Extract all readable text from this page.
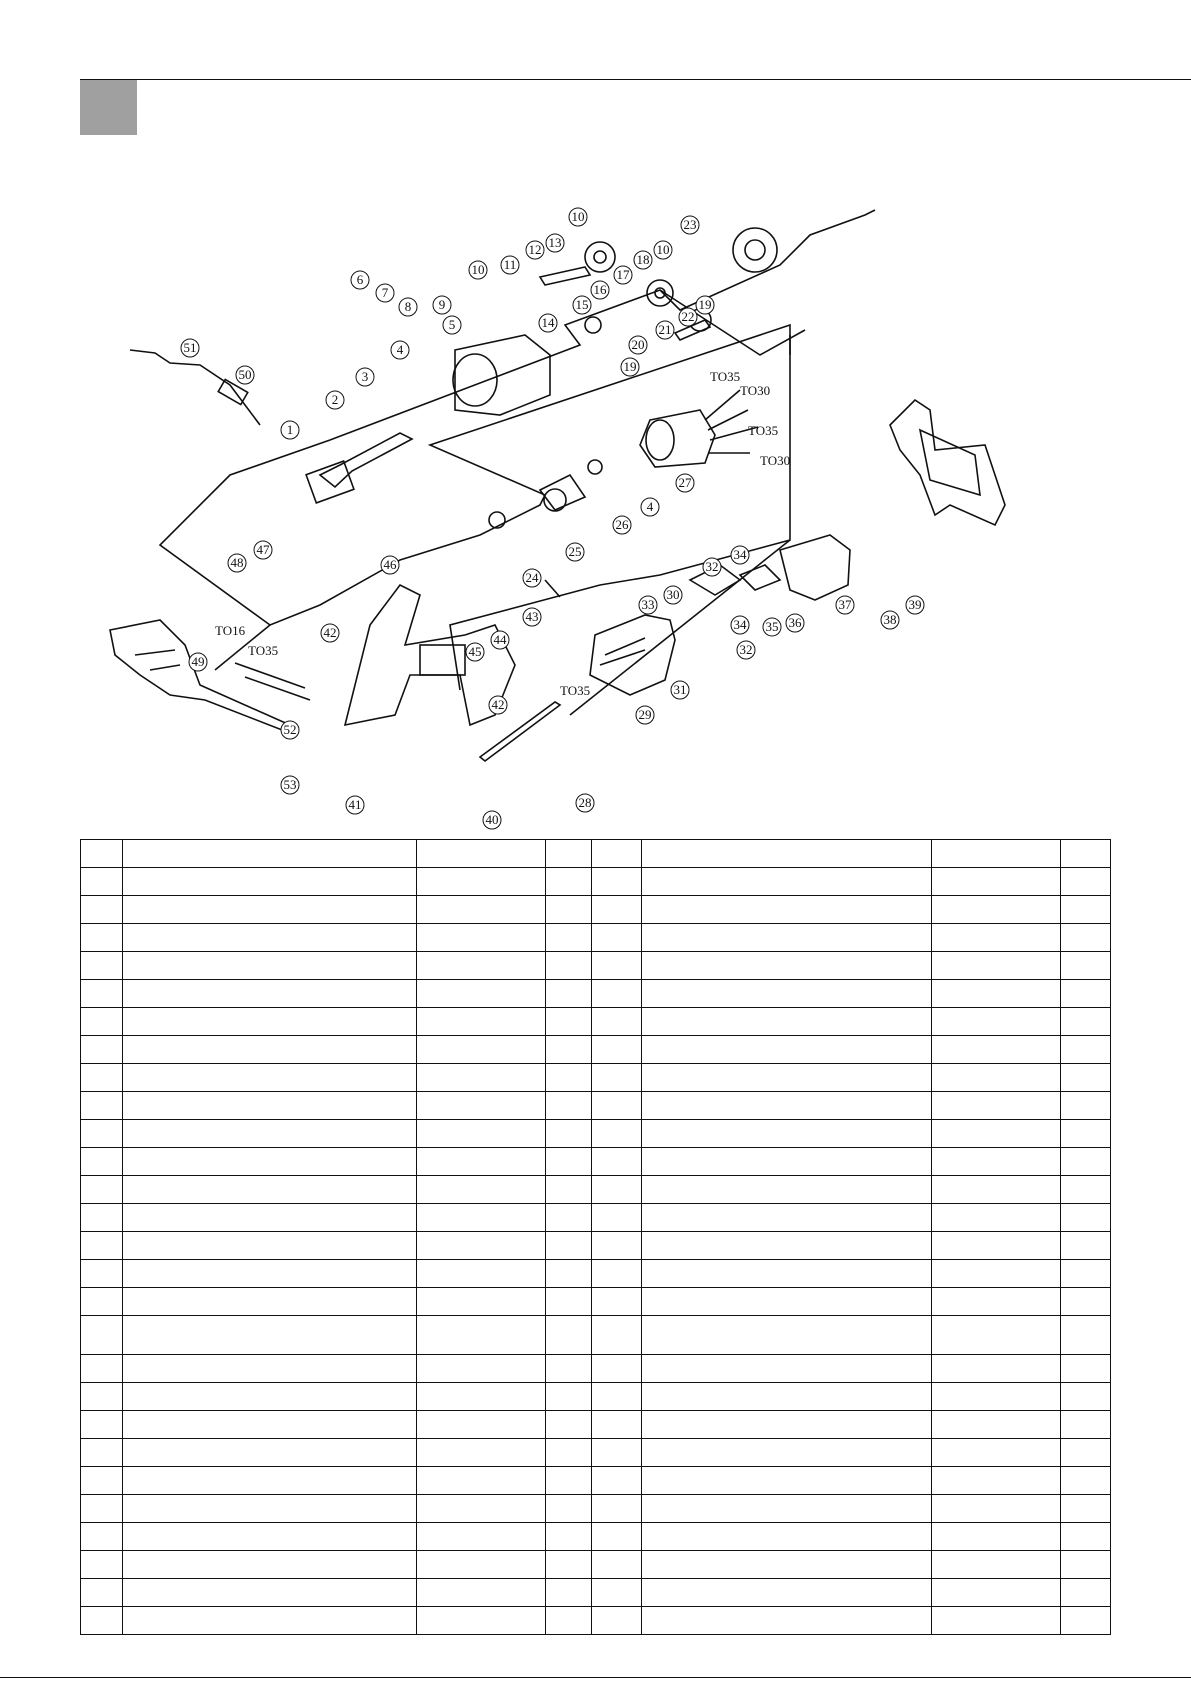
1
2
3
4
5
6
7
8 9
10 11
12 13
10
14
15
16
17
18
10
23
19
22
21
20
19
27
4
26
25
24
46
47
48
49
42	44
43
45
42
41
40
52
53
51
50
34
32
30
33
34 35 36
32
31
29
28
37
38
39
TO35
TO30
TO35
TO30
TO16
TO35
TO35
